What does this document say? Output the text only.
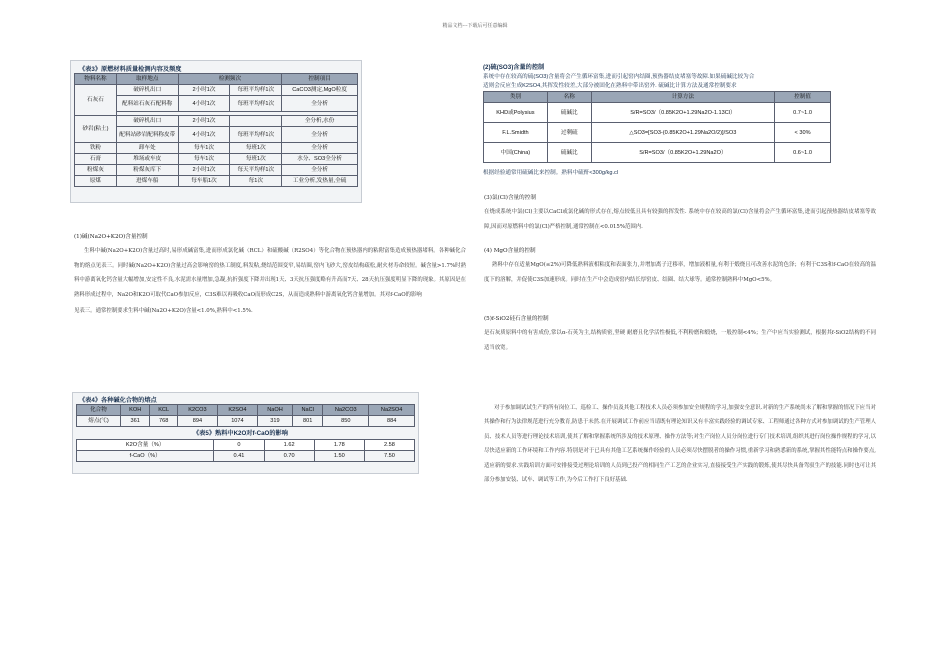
精品文档---下载后可任意编辑
《表3》原燃材料质量检测内容及频度
物料名称	取样地点	检测频次		控制项目
石灰石	破碎机出口	2小时1次	每班平均样1次	CaCO3测定,MgO粒度
	配料站石灰石配料称	4小时1次	每班平均样1次	全分析

砂岩(粘土)	破碎机出口	2小时1次		全分析,水份
	配料站砂岩配料称皮带	4小时1次	每班平均样1次	全分析
铁粉	卸车处	每车1次	每班1次	全分析
石膏	堆场或车皮	每车1次	每班1次	水分、SO3全分析
粉煤灰	粉煤灰库下	2小时1次	每天平均样1次	全分析
原煤	进煤车船	每车船1次	每1次	工业分析,发热量,全硫
(1)碱(Na2O+K2O)含量控制

生料中碱(Na2O+K2O)含量过高时,易形成碱富集,进而形成氯化碱（RCL）和硫酸碱（R2SO4）等化合物在预热器内的粘附富集造成预热器堵料。各种碱化合物的熔点见表三。同时碱(Na2O+K2O)含量过高会影响窑的热工制度,料发粘,烧结范围变窄,易结圈,窑内飞砂大,窑皮结构疏松,耐火材寿命较短。碱含量>1.7%时熟料中游离氧化钙含量大幅增加,安定性不良,水泥需水量增加,急凝,抗折强度下降并出现1天、3天抗压强度略有升高而7天、28天抗压强度明显下降的现象。其原因是在熟料形成过程中，Na2O和K2O可取代CaO参加反应，C3S难以再吸收CaO而形成C2S，从而造成熟料中游离氧化钙含量增加。其对f-CaO的影响

见表三。通常控制要求生料中碱(Na2O+K2O)含量<1.0%,熟料中<1.5%.

《表4》各种碱化合物的熔点
化合物	KOH	KCL	K2CO3	K2SO4	NaOH	NaCl	Na2CO3	Na2SO4
熔点(℃)	361	768	894	1074	319	801	850	884
《表5》熟料中K2O对f-CaO的影响
K2O含量（%）	0	1.62	1.78	2.58
f-CaO（%）	0.41	0.70	1.50	7.50
(2)硫(SO3)含量的控制
系统中存在较高的硫(SO3)含量将会产生循环富集,进而引起窑内结圈,预热器结皮堵塞等故障.如果硫碱比较为合
适则会反应生成K2SO4,其挥发性较差,大部分被固化在熟料中带出窑外. 硫碱比计算方法及通常控制要求
类别	名称	计算方法	控制值
KHD或Polysius	硫碱比	S/R=SO3/（0.85K2O+1.29Na2O-1.13Cl）	0.7~1.0
F.L.Smidth	过剩硫	△SO3=[SO3-(0.85K2O+1.29Na2O/2)]/SO3	< 30%
中国(China)	硫碱比	S/R=SO3/（0.85K2O+1.29Na2O）	0.6~1.0
根据经验通常用硫碱比来控制。熟料中硫酐<300g/kg.cl
(3)氯(Cl)含量的控制
在烧成系统中氯(Cl)主要以CaCl或氯化碱的形式存在,熔点较低且具有较强的挥发性. 系统中存在较高的氯(Cl)含量将会产生循环富集,进而引起预热器结皮堵塞等故障,因而对原燃料中的氯(Cl)严格控制,通常控制在<0.015%范围内.
(4) MgO含量的控制
熟料中存在适量MgO(≤2%)可降低熟料液相粘度和表面张力,并增加离子迁移率，增加液相量,有利于煅烧且可改善水泥的色泽；有利于C3S和f-CaO在较高的温度下的溶解，并促使C3S加速形成。同时在生产中会造成窑内结长厚窑皮、结圈、结大球等。通常控制熟料中MgO<5%。
(5)f-SiO2硅石含量的控制
是石灰质原料中的有害成份,常以α-石英为主,结构质密,坚硬 耐磨且化学活性极低,不利粉磨和煅烧，一般控制<4%；生产中应当实验测试，根据其f-SiO2结构的不同适当放宽。
对于参加调试试生产的所有岗位工、巡检工、操作员及其他工程技术人员必须参加安全规程的学习,加强安全意识.对新的生产系统尚未了解和掌握的情况下应当对其操作和行为法律规范进行充分教育,防患于未然.在开展调试工作前应当请既有理论知识又有丰富实践经验的调试专家、工程师通过各种方式对参加调试的生产管理人员、技术人员等进行理论技术培训,使其了解和掌握系统所涉及的技术原理、操作方法等;对生产岗位人员分岗位进行专门技术培训,组织其进行岗位操作规程的学习,以尽快适应新的工作环境和工作内容.特别是对于已具有其他工艺系统操作经验的人员必须尽快摆脱者的操作习惯,重新学习和熟悉新的系统,掌握其性能特点和操作要点,适应新的要求.实践培训方面可安排接受过理论培训的人员到已投产的相同生产工艺的企业实习,直接接受生产实践的锻炼,使其尽快具备驾驭生产的技能.同时也可让其部分参加安装、试车、调试等工作,为今后工作打下良好基础.
